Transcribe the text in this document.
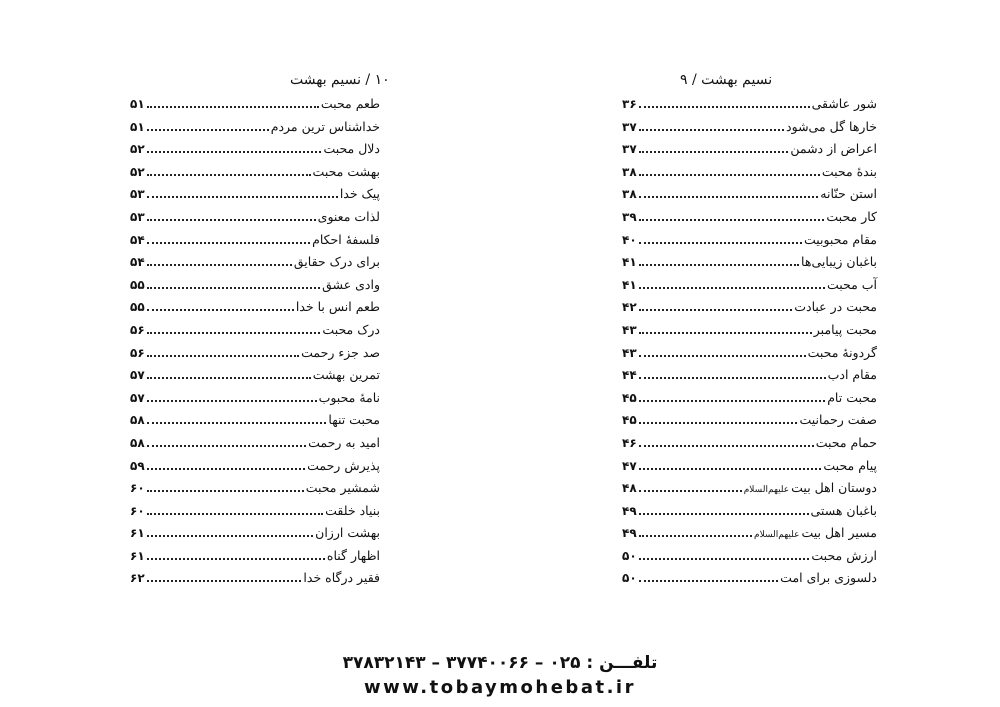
۱۰ / نسیم بهشت
طعم محبت
۵۱
خداشناس ترین مردم
۵۱
دلال محبت
۵۲
بهشت محبت
۵۲
پیک خدا
۵۳
لذات معنوی
۵۳
فلسفهٔ احکام
۵۴
برای درک حقایق
۵۴
وادی عشق
۵۵
طعم انس با خدا
۵۵
درک محبت
۵۶
صد جزء رحمت
۵۶
تمرین بهشت
۵۷
نامهٔ محبوب
۵۷
محبت تنها
۵۸
امید به رحمت
۵۸
پذیرش رحمت
۵۹
شمشیر محبت
۶۰
بنیاد خلقت
۶۰
بهشت ارزان
۶۱
اظهار گناه
۶۱
فقیر درگاه خدا
۶۲
نسیم بهشت / ۹
شور عاشقی
۳۶
خارها گل می‌شود
۳۷
اعراض از دشمن
۳۷
بندهٔ محبت
۳۸
استن حنّانه
۳۸
کار محبت
۳۹
مقام محبوبیت
۴۰
باغبان زیبایی‌ها
۴۱
آب محبت
۴۱
محبت در عبادت
۴۲
محبت پیامبر
۴۳
گردونهٔ محبت
۴۳
مقام ادب
۴۴
محبت تام
۴۵
صفت رحمانیت
۴۵
حمام محبت
۴۶
پیام محبت
۴۷
دوستان اهل بیت
علیهم‌السلام
۴۸
باغبان هستی
۴۹
مسیر اهل بیت
علیهم‌السلام
۴۹
ارزش محبت
۵۰
دلسوزی برای امت
۵۰
تلفـــن : ۰۲۵ – ۳۷۷۴۰۰۶۶ – ۳۷۸۳۲۱۴۳
www.tobaymohebat.ir
